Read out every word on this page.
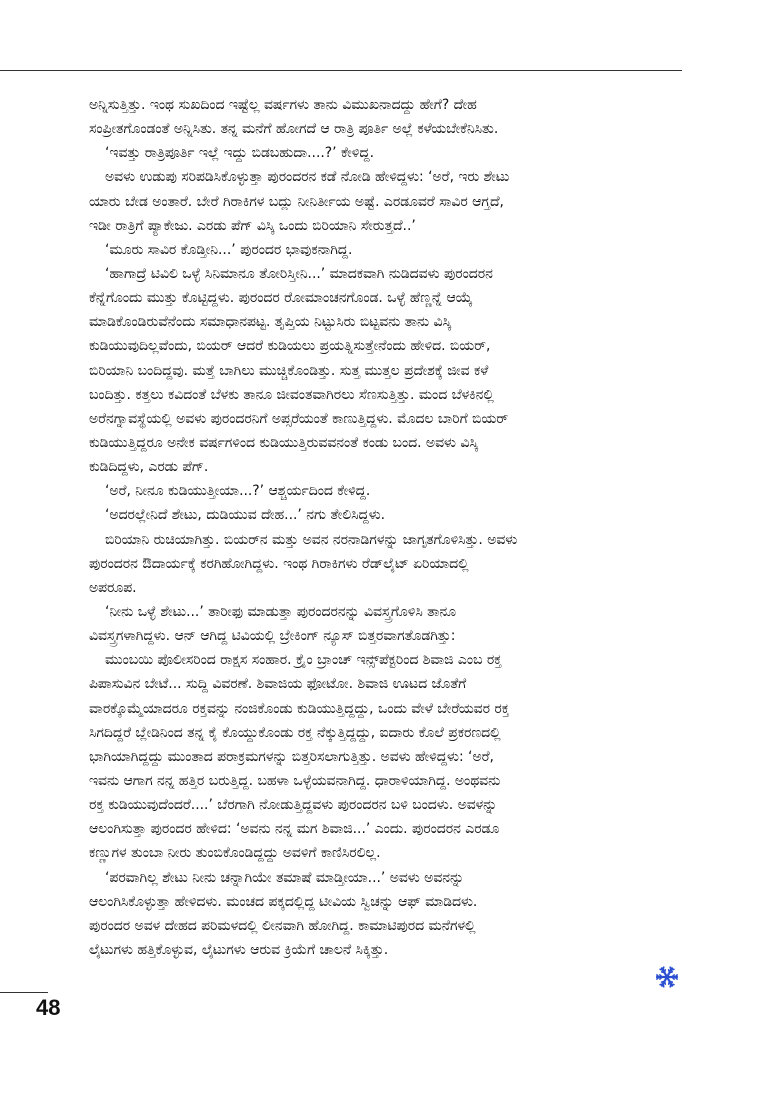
ಅನ್ನಿಸುತ್ತಿತ್ತು. ಇಂಥ ಸುಖದಿಂದ ಇಷ್ಟೆಲ್ಲ ವರ್ಷಗಳು ತಾನು ವಿಮುಖನಾದದ್ದು ಹೇಗೆ? ದೇಹ
ಸಂಪ್ರೀತಗೊಂಡಂತೆ ಅನ್ನಿಸಿತು. ತನ್ನ ಮನೆಗೆ ಹೋಗದೆ ಆ ರಾತ್ರಿ ಪೂರ್ತಿ ಅಲ್ಲೆ ಕಳೆಯಬೇಕೆನಿಸಿತು.
‘ಇವತ್ತು ರಾತ್ರಿಪೂರ್ತಿ ಇಲ್ಲೆ ಇದ್ದು ಬಿಡಬಹುದಾ....?’ ಕೇಳಿದ್ದ.
ಅವಳು ಉಡುಪು ಸರಿಪಡಿಸಿಕೊಳ್ಳುತ್ತಾ ಪುರಂದರನ ಕಡೆ ನೋಡಿ ಹೇಳಿದ್ದಳು: ‘ಅರೆ, ಇರು ಶೇಟು
ಯಾರು ಬೇಡ ಅಂತಾರೆ. ಬೇರೆ ಗಿರಾಕಿಗಳ ಬದ್ಲು ನೀನಿರ್ತೀಯ ಅಷ್ಟೆ. ಎರಡೂವರೆ ಸಾವಿರ ಆಗ್ತದೆ,
ಇಡೀ ರಾತ್ರಿಗೆ ಪ್ಯಾಕೇಜು. ಎರಡು ಪೆಗ್ ವಿಸ್ಕಿ ಒಂದು ಬಿರಿಯಾನಿ ಸೇರುತ್ತದೆ..’
‘ಮೂರು ಸಾವಿರ ಕೊಡ್ತೀನಿ...’ ಪುರಂದರ ಭಾವುಕನಾಗಿದ್ದ.
‘ಹಾಗಾದ್ರೆ ಟಿವಿಲಿ ಒಳ್ಳೆ ಸಿನಿಮಾನೂ ತೋರಿಸ್ತೀನಿ...’ ಮಾದಕವಾಗಿ ನುಡಿದವಳು ಪುರಂದರನ
ಕೆನ್ನೆಗೊಂದು ಮುತ್ತು ಕೊಟ್ಟಿದ್ದಳು. ಪುರಂದರ ರೋಮಾಂಚನಗೊಂಡ. ಒಳ್ಳೆ ಹೆಣ್ಣನ್ನೆ ಆಯ್ಕೆ
ಮಾಡಿಕೊಂಡಿರುವೆನೆಂದು ಸಮಾಧಾನಪಟ್ಟ. ತೃಪ್ತಿಯ ನಿಟ್ಟುಸಿರು ಬಿಟ್ಟವನು ತಾನು ವಿಸ್ಕಿ
ಕುಡಿಯುವುದಿಲ್ಲವೆಂದು, ಬಿಯರ್ ಆದರೆ ಕುಡಿಯಲು ಪ್ರಯತ್ನಿಸುತ್ತೇನೆಂದು ಹೇಳಿದ. ಬಿಯರ್,
ಬಿರಿಯಾನಿ ಬಂದಿದ್ದವು. ಮತ್ತೆ ಬಾಗಿಲು ಮುಚ್ಚಿಕೊಂಡಿತ್ತು. ಸುತ್ತ ಮುತ್ತಲ ಪ್ರದೇಶಕ್ಕೆ ಜೀವ ಕಳೆ
ಬಂದಿತ್ತು. ಕತ್ತಲು ಕವಿದಂತೆ ಬೆಳಕು ತಾನೂ ಜೀವಂತವಾಗಿರಲು ಸೆಣಸುತ್ತಿತ್ತು. ಮಂದ ಬೆಳಕಿನಲ್ಲಿ
ಅರೆನಗ್ನಾವಸ್ಥೆಯಲ್ಲಿ ಅವಳು ಪುರಂದರನಿಗೆ ಅಪ್ಸರೆಯಂತೆ ಕಾಣುತ್ತಿದ್ದಳು. ಮೊದಲ ಬಾರಿಗೆ ಬಿಯರ್
ಕುಡಿಯುತ್ತಿದ್ದರೂ ಅನೇಕ ವರ್ಷಗಳಿಂದ ಕುಡಿಯುತ್ತಿರುವವನಂತೆ ಕಂಡು ಬಂದ. ಅವಳು ವಿಸ್ಕಿ
ಕುಡಿದಿದ್ದಳು, ಎರಡು ಪೆಗ್.
‘ಅರೆ, ನೀನೂ ಕುಡಿಯುತ್ತೀಯಾ...?’ ಆಶ್ಚರ್ಯದಿಂದ ಕೇಳಿದ್ದ.
‘ಅದರಲ್ಲೇನಿದೆ ಶೇಟು, ದುಡಿಯುವ ದೇಹ...’ ನಗು ತೇಲಿಸಿದ್ದಳು.
ಬಿರಿಯಾನಿ ರುಚಿಯಾಗಿತ್ತು. ಬಿಯರ್‌ನ ಮತ್ತು ಅವನ ನರನಾಡಿಗಳನ್ನು ಜಾಗೃತಗೊಳಿಸಿತ್ತು. ಅವಳು
ಪುರಂದರನ ಔದಾರ್ಯಕ್ಕೆ ಕರಗಿಹೋಗಿದ್ದಳು. ಇಂಥ ಗಿರಾಕಿಗಳು ರೆಡ್‌ಲೈಟ್ ಏರಿಯಾದಲ್ಲಿ
ಅಪರೂಪ.
‘ನೀನು ಒಳ್ಳೆ ಶೇಟು...’ ತಾರೀಫು ಮಾಡುತ್ತಾ ಪುರಂದರನನ್ನು ವಿವಸ್ತ್ರಗೊಳಿಸಿ ತಾನೂ
ವಿವಸ್ತ್ರಗಳಾಗಿದ್ದಳು. ಆನ್ ಆಗಿದ್ದ ಟಿವಿಯಲ್ಲಿ ಬ್ರೇಕಿಂಗ್ ನ್ಯೂಸ್ ಬಿತ್ತರವಾಗತೊಡಗಿತ್ತು:
ಮುಂಬಯಿ ಪೊಲೀಸರಿಂದ ರಾಕ್ಷಸ ಸಂಹಾರ. ಕ್ರೈಂ ಬ್ರಾಂಚ್ ಇನ್ಸ್‌ಪೆಕ್ಟರಿಂದ ಶಿವಾಜಿ ಎಂಬ ರಕ್ತ
ಪಿಪಾಸುವಿನ ಬೇಟೆ... ಸುದ್ದಿ ವಿವರಣೆ. ಶಿವಾಜಿಯ ಫೋಟೋ. ಶಿವಾಜಿ ಊಟದ ಜೊತೆಗೆ
ವಾರಕ್ಕೊಮ್ಮೆಯಾದರೂ ರಕ್ತವನ್ನು ನಂಜಿಕೊಂಡು ಕುಡಿಯುತ್ತಿದ್ದದ್ದು, ಒಂದು ವೇಳೆ ಬೇರೆಯವರ ರಕ್ತ
ಸಿಗದಿದ್ದರೆ ಬ್ಲೇಡಿನಿಂದ ತನ್ನ ಕೈ ಕೊಯ್ದುಕೊಂಡು ರಕ್ತ ನೆಕ್ಕುತ್ತಿದ್ದದ್ದು, ಐದಾರು ಕೊಲೆ ಪ್ರಕರಣದಲ್ಲಿ
ಭಾಗಿಯಾಗಿದ್ದದ್ದು ಮುಂತಾದ ಪರಾಕ್ರಮಗಳನ್ನು ಬಿತ್ತರಿಸಲಾಗುತ್ತಿತ್ತು. ಅವಳು ಹೇಳಿದ್ದಳು: ‘ಅರೆ,
ಇವನು ಆಗಾಗ ನನ್ನ ಹತ್ತಿರ ಬರುತ್ತಿದ್ದ. ಬಹಳಾ ಒಳ್ಳೆಯವನಾಗಿದ್ದ. ಧಾರಾಳಿಯಾಗಿದ್ದ. ಅಂಥವನು
ರಕ್ತ ಕುಡಿಯುವುದೆಂದರೆ....’ ಬೆರಗಾಗಿ ನೋಡುತ್ತಿದ್ದವಳು ಪುರಂದರನ ಬಳಿ ಬಂದಳು. ಅವಳನ್ನು
ಆಲಂಗಿಸುತ್ತಾ ಪುರಂದರ ಹೇಳಿದ: ‘ಅವನು ನನ್ನ ಮಗ ಶಿವಾಜಿ...’ ಎಂದು. ಪುರಂದರನ ಎರಡೂ
ಕಣ್ಣುಗಳ ತುಂಬಾ ನೀರು ತುಂಬಿಕೊಂಡಿದ್ದದ್ದು ಅವಳಿಗೆ ಕಾಣಿಸಿರಲಿಲ್ಲ.
‘ಪರವಾಗಿಲ್ಲ ಶೇಟು ನೀನು ಚನ್ನಾಗಿಯೇ ತಮಾಷೆ ಮಾಡ್ತೀಯಾ...’ ಅವಳು ಅವನನ್ನು
ಆಲಂಗಿಸಿಕೊಳ್ಳುತ್ತಾ ಹೇಳಿದಳು. ಮಂಚದ ಪಕ್ಕದಲ್ಲಿದ್ದ ಟೀವಿಯ ಸ್ವಿಚನ್ನು ಆಫ್ ಮಾಡಿದಳು.
ಪುರಂದರ ಅವಳ ದೇಹದ ಪರಿಮಳದಲ್ಲಿ ಲೀನವಾಗಿ ಹೋಗಿದ್ದ. ಕಾಮಾಟಿಪುರದ ಮನೆಗಳಲ್ಲಿ
ಲೈಟುಗಳು ಹತ್ತಿಕೊಳ್ಳುವ, ಲೈಟುಗಳು ಆರುವ ಕ್ರಿಯೆಗೆ ಚಾಲನೆ ಸಿಕ್ಕಿತ್ತು.
48
